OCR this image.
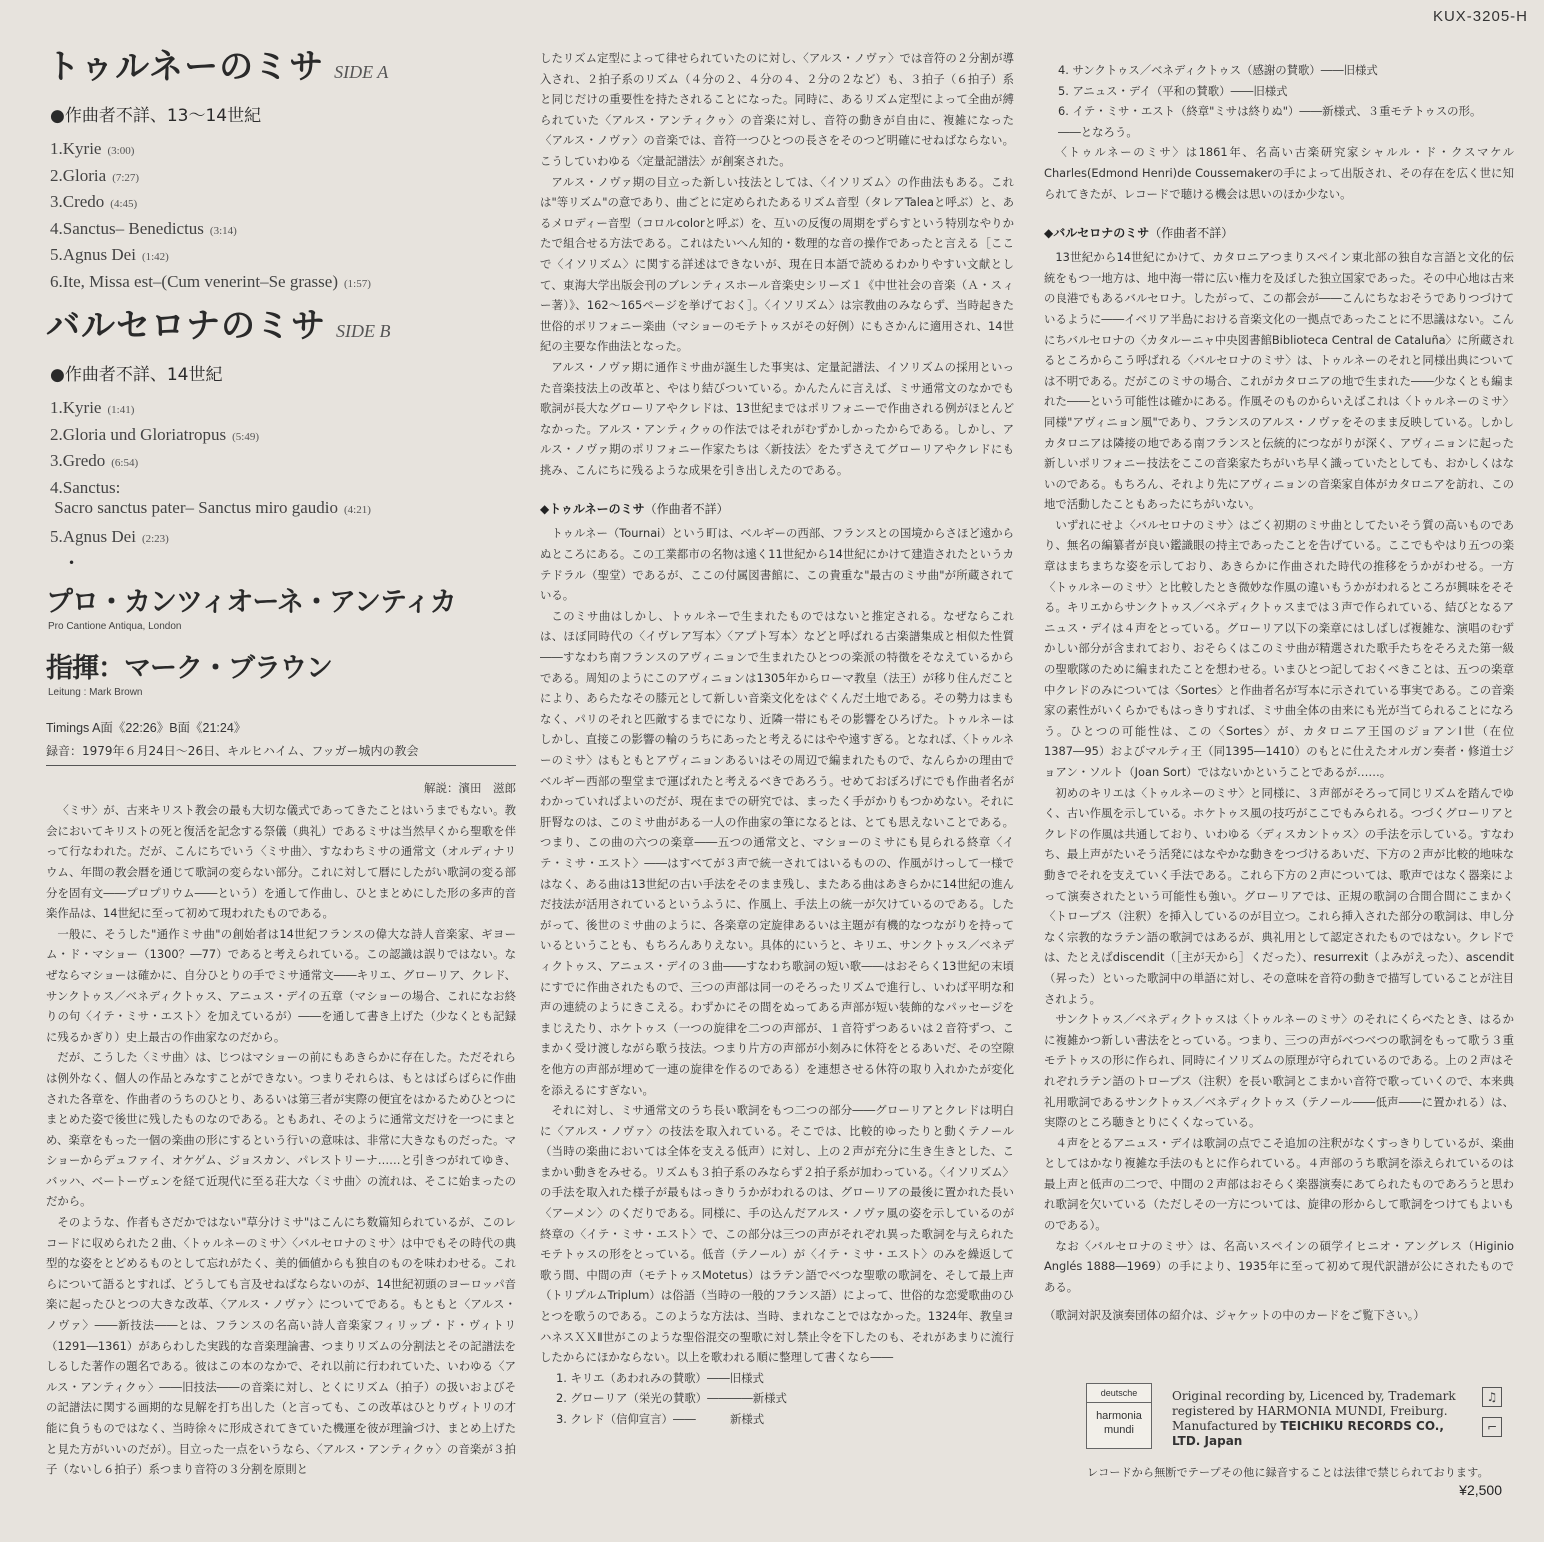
KUX-3205-H
トゥルネーのミサ SIDE A
●作曲者不詳、13〜14世紀
1.Kyrie (3:00)
2.Gloria (7:27)
3.Credo (4:45)
4.Sanctus– Benedictus (3:14)
5.Agnus Dei (1:42)
6.Ite, Missa est–(Cum venerint–Se grasse) (1:57)
バルセロナのミサ SIDE B
●作曲者不詳、14世紀
1.Kyrie (1:41)
2.Gloria und Gloriatropus (5:49)
3.Gredo (6:54)
4.Sanctus:
Sacro sanctus pater– Sanctus miro gaudio (4:21)
5.Agnus Dei (2:23)
•
プロ・カンツィオーネ・アンティカ
Pro Cantione Antiqua, London
指揮：マーク・ブラウン
Leitung : Mark Brown
Timings A面《22:26》B面《21:24》
録音：1979年６月24日〜26日、キルヒハイム、フッガー城内の教会
解説：濱田　滋郎

〈ミサ〉が、古来キリスト教会の最も大切な儀式であってきたことはいうまでもない。教会においてキリストの死と復活を記念する祭儀（典礼）であるミサは当然早くから聖歌を伴って行なわれた。だが、こんにちでいう〈ミサ曲〉、すなわちミサの通常文（オルディナリウム、年間の教会暦を通じて歌詞の変らない部分。これに対して暦にしたがい歌詞の変る部分を固有文――プロプリウム――という）を通して作曲し、ひとまとめにした形の多声的音楽作品は、14世紀に至って初めて現われたものである。

一般に、そうした"通作ミサ曲"の創始者は14世紀フランスの偉大な詩人音楽家、ギヨーム・ド・マショー（1300？―77）であると考えられている。この認識は誤りではない。なぜならマショーは確かに、自分ひとりの手でミサ通常文――キリエ、グローリア、クレド、サンクトゥス／ベネディクトゥス、アニュス・デイの五章（マショーの場合、これになお終りの句〈イテ・ミサ・エスト〉を加えているが）――を通して書き上げた（少なくとも記録に残るかぎり）史上最古の作曲家なのだから。

だが、こうした〈ミサ曲〉は、じつはマショーの前にもあきらかに存在した。ただそれらは例外なく、個人の作品とみなすことができない。つまりそれらは、もとはばらばらに作曲された各章を、作曲者のうちのひとり、あるいは第三者が実際の便宜をはかるためひとつにまとめた姿で後世に残したものなのである。ともあれ、そのように通常文だけを一つにまとめ、楽章をもった一個の楽曲の形にするという行いの意味は、非常に大きなものだった。マショーからデュファイ、オケゲム、ジョスカン、パレストリーナ……と引きつがれてゆき、バッハ、ベートーヴェンを経て近現代に至る荘大な〈ミサ曲〉の流れは、そこに始まったのだから。

そのような、作者もさだかではない"草分けミサ"はこんにち数篇知られているが、このレコードに収められた２曲、〈トゥルネーのミサ〉〈バルセロナのミサ〉は中でもその時代の典型的な姿をとどめるものとして忘れがたく、美的価値からも独自のものを味わわせる。これらについて語るとすれば、どうしても言及せねばならないのが、14世紀初頭のヨーロッパ音楽に起ったひとつの大きな改革、〈アルス・ノヴァ〉についてである。もともと〈アルス・ノヴァ〉――新技法――とは、フランスの名高い詩人音楽家フィリップ・ド・ヴィトリ（1291―1361）があらわした実践的な音楽理論書、つまりリズムの分割法とその記譜法をしるした著作の題名である。彼はこの本のなかで、それ以前に行われていた、いわゆる〈アルス・アンティクゥ〉――旧技法――の音楽に対し、とくにリズム（拍子）の扱いおよびその記譜法に関する画期的な見解を打ち出した（と言っても、この改革はひとりヴィトリの才能に負うものではなく、当時徐々に形成されてきていた機運を彼が理論づけ、まとめ上げたと見た方がいいのだが）。目立った一点をいうなら、〈アルス・アンティクゥ〉の音楽が３拍子（ないし６拍子）系つまり音符の３分割を原則と

したリズム定型によって律せられていたのに対し、〈アルス・ノヴァ〉では音符の２分割が導入され、２拍子系のリズム（４分の２、４分の４、２分の２など）も、３拍子（６拍子）系と同じだけの重要性を持たされることになった。同時に、あるリズム定型によって全曲が縛られていた〈アルス・アンティクゥ〉の音楽に対し、音符の動きが自由に、複雑になった〈アルス・ノヴァ〉の音楽では、音符一つひとつの長さをそのつど明確にせねばならない。こうしていわゆる〈定量記譜法〉が創案された。

アルス・ノヴァ期の目立った新しい技法としては、〈イソリズム〉の作曲法もある。これは"等リズム"の意であり、曲ごとに定められたあるリズム音型（タレアTaleaと呼ぶ）と、あるメロディー音型（コロルcolorと呼ぶ）を、互いの反復の周期をずらすという特別なやりかたで組合せる方法である。これはたいへん知的・数理的な音の操作であったと言える［ここで〈イソリズム〉に関する詳述はできないが、現在日本語で読めるわかりやすい文献として、東海大学出版会刊のブレンティスホール音楽史シリーズ１《中世社会の音楽（Ａ・スィー著）》、162〜165ページを挙げておく］。〈イソリズム〉は宗教曲のみならず、当時起きた世俗的ポリフォニー楽曲（マショーのモテトゥスがその好例）にもさかんに適用され、14世紀の主要な作曲法となった。

アルス・ノヴァ期に通作ミサ曲が誕生した事実は、定量記譜法、イソリズムの採用といった音楽技法上の改革と、やはり結びついている。かんたんに言えば、ミサ通常文のなかでも歌詞が長大なグローリアやクレドは、13世紀まではポリフォニーで作曲される例がほとんどなかった。アルス・アンティクゥの作法ではそれがむずかしかったからである。しかし、アルス・ノヴァ期のポリフォニー作家たちは〈新技法〉をたずさえてグローリアやクレドにも挑み、こんにちに残るような成果を引き出しえたのである。

◆トゥルネーのミサ（作曲者不詳）

トゥルネー（Tournai）という町は、ベルギーの西部、フランスとの国境からさほど遠からぬところにある。この工業都市の名物は遠く11世紀から14世紀にかけて建造されたというカテドラル（聖堂）であるが、ここの付属図書館に、この貴重な"最古のミサ曲"が所蔵されている。

このミサ曲はしかし、トゥルネーで生まれたものではないと推定される。なぜならこれは、ほぼ同時代の〈イヴレア写本〉〈アプト写本〉などと呼ばれる古楽譜集成と相似た性質――すなわち南フランスのアヴィニョンで生まれたひとつの楽派の特徴をそなえているからである。周知のようにこのアヴィニョンは1305年からローマ教皇（法王）が移り住んだことにより、あらたなその膝元として新しい音楽文化をはぐくんだ土地である。その勢力はまもなく、パリのそれと匹敵するまでになり、近隣一帯にもその影響をひろげた。トゥルネーはしかし、直接この影響の輪のうちにあったと考えるにはやや遠すぎる。となれば、〈トゥルネーのミサ〉はもともとアヴィニョンあるいはその周辺で編まれたもので、なんらかの理由でベルギー西部の聖堂まで運ばれたと考えるべきであろう。せめておぼろげにでも作曲者名がわかっていればよいのだが、現在までの研究では、まったく手がかりもつかめない。それに肝腎なのは、このミサ曲がある一人の作曲家の筆になるとは、とても思えないことである。つまり、この曲の六つの楽章――五つの通常文と、マショーのミサにも見られる終章〈イテ・ミサ・エスト〉――はすべてが３声で統一されてはいるものの、作風がけっして一様ではなく、ある曲は13世紀の古い手法をそのまま残し、またある曲はあきらかに14世紀の進んだ技法が活用されているというふうに、作風上、手法上の統一が欠けているのである。したがって、後世のミサ曲のように、各楽章の定旋律あるいは主題が有機的なつながりを持っているということも、もちろんありえない。具体的にいうと、キリエ、サンクトゥス／ベネディクトゥス、アニュス・デイの３曲――すなわち歌詞の短い歌――はおそらく13世紀の末頃にすでに作曲されたもので、三つの声部は同一のそろったリズムで進行し、いわば平明な和声の連続のようにきこえる。わずかにその間をぬってある声部が短い装飾的なパッセージをまじえたり、ホケトゥス（一つの旋律を二つの声部が、１音符ずつあるいは２音符ずつ、こまかく受け渡しながら歌う技法。つまり片方の声部が小刻みに休符をとるあいだ、その空隙を他方の声部が埋めて一連の旋律を作るのである）を連想させる休符の取り入れかたが変化を添えるにすぎない。

それに対し、ミサ通常文のうち長い歌詞をもつ二つの部分――グローリアとクレドは明白に〈アルス・ノヴァ〉の技法を取入れている。そこでは、比較的ゆったりと動くテノール（当時の楽曲においては全体を支える低声）に対し、上の２声が充分に生き生きとした、こまかい動きをみせる。リズムも３拍子系のみならず２拍子系が加わっている。〈イソリズム〉の手法を取入れた様子が最もはっきりうかがわれるのは、グローリアの最後に置かれた長い〈アーメン〉のくだりである。同様に、手の込んだアルス・ノヴァ風の姿を示しているのが終章の〈イテ・ミサ・エスト〉で、この部分は三つの声がそれぞれ異った歌詞を与えられたモテトゥスの形をとっている。低音（テノール）が〈イテ・ミサ・エスト〉のみを繰返して歌う間、中間の声（モテトゥスMotetus）はラテン語でべつな聖歌の歌詞を、そして最上声（トリプルムTriplum）は俗語（当時の一般的フランス語）によって、世俗的な恋愛歌曲のひとつを歌うのである。このような方法は、当時、まれなことではなかった。1324年、教皇ヨハネスＸＸⅡ世がこのような聖俗混交の聖歌に対し禁止令を下したのも、それがあまりに流行したからにほかならない。以上を歌われる順に整理して書くなら――

1. キリエ（あわれみの賛歌）――旧様式
2. グローリア（栄光の賛歌）――――新様式
3. クレド（信仰宣言）――　　　新様式
4. サンクトゥス／ベネディクトゥス（感謝の賛歌）――旧様式
5. アニュス・デイ（平和の賛歌）――旧様式
6. イテ・ミサ・エスト（終章"ミサは終りぬ"）――新様式、３重モテトゥスの形。　　　――となろう。

〈トゥルネーのミサ〉は1861年、名高い古楽研究家シャルル・ド・クスマケルCharles(Edmond Henri)de Coussemakerの手によって出版され、その存在を広く世に知られてきたが、レコードで聴ける機会は思いのほか少ない。

◆バルセロナのミサ（作曲者不詳）

13世紀から14世紀にかけて、カタロニアつまりスペイン東北部の独自な言語と文化的伝統をもつ一地方は、地中海一帯に広い権力を及ぼした独立国家であった。その中心地は古来の良港でもあるバルセロナ。したがって、この都会が――こんにちなおそうでありつづけているように――イベリア半島における音楽文化の一拠点であったことに不思議はない。こんにちバルセロナの〈カタルーニャ中央図書館Biblioteca Central de Cataluña〉に所蔵されるところからこう呼ばれる〈バルセロナのミサ〉は、トゥルネーのそれと同様出典については不明である。だがこのミサの場合、これがカタロニアの地で生まれた――少なくとも編まれた――という可能性は確かにある。作風そのものからいえばこれは〈トゥルネーのミサ〉同様"アヴィニョン風"であり、フランスのアルス・ノヴァをそのまま反映している。しかしカタロニアは隣接の地である南フランスと伝統的につながりが深く、アヴィニョンに起った新しいポリフォニー技法をここの音楽家たちがいち早く識っていたとしても、おかしくはないのである。もちろん、それより先にアヴィニョンの音楽家自体がカタロニアを訪れ、この地で活動したこともあったにちがいない。

いずれにせよ〈バルセロナのミサ〉はごく初期のミサ曲としてたいそう質の高いものであり、無名の編纂者が良い鑑識眼の持主であったことを告げている。ここでもやはり五つの楽章はまちまちな姿を示しており、あきらかに作曲された時代の推移をうかがわせる。一方〈トゥルネーのミサ〉と比較したとき微妙な作風の違いもうかがわれるところが興味をそそる。キリエからサンクトゥス／ベネディクトゥスまでは３声で作られている、結びとなるアニュス・デイは４声をとっている。グローリア以下の楽章にはしばしば複雑な、演唱のむずかしい部分が含まれており、おそらくはこのミサ曲が精選された歌手たちをそろえた第一級の聖歌隊のために編まれたことを想わせる。いまひとつ記しておくべきことは、五つの楽章中クレドのみについては〈Sortes〉と作曲者名が写本に示されている事実である。この音楽家の素性がいくらかでもはっきりすれば、ミサ曲全体の由来にも光が当てられることになろう。ひとつの可能性は、この〈Sortes〉が、カタロニア王国のジョアンⅠ世（在位1387―95）およびマルティ王（同1395―1410）のもとに仕えたオルガン奏者・修道士ジョアン・ソルト（Joan Sort）ではないかということであるが……。

初めのキリエは〈トゥルネーのミサ〉と同様に、３声部がそろって同じリズムを踏んでゆく、古い作風を示している。ホケトゥス風の技巧がここでもみられる。つづくグローリアとクレドの作風は共通しており、いわゆる〈ディスカントゥス〉の手法を示している。すなわち、最上声がたいそう活発にはなやかな動きをつづけるあいだ、下方の２声が比較的地味な動きでそれを支えていく手法である。これら下方の２声については、歌声ではなく器楽によって演奏されたという可能性も強い。グローリアでは、正規の歌詞の合間合間にこまかく〈トロープス（注釈）を挿入しているのが目立つ。これら挿入された部分の歌詞は、申し分なく宗教的なラテン語の歌詞ではあるが、典礼用として認定されたものではない。クレドでは、たとえばdiscendit（［主が天から］くだった）、resurrexit（よみがえった）、ascendit（昇った）といった歌詞中の単語に対し、その意味を音符の動きで描写していることが注目されよう。

サンクトゥス／ベネディクトゥスは〈トゥルネーのミサ〉のそれにくらべたとき、はるかに複雑かつ新しい書法をとっている。つまり、三つの声がべつべつの歌詞をもって歌う３重モテトゥスの形に作られ、同時にイソリズムの原理が守られているのである。上の２声はそれぞれラテン語のトロープス（注釈）を長い歌詞とこまかい音符で歌っていくので、本来典礼用歌詞であるサンクトゥス／ベネディクトゥス（テノール――低声――に置かれる）は、実際のところ聴きとりにくくなっている。

４声をとるアニュス・デイは歌詞の点でこそ追加の注釈がなくすっきりしているが、楽曲としてはかなり複雑な手法のもとに作られている。４声部のうち歌詞を添えられているのは最上声と低声の二つで、中間の２声部はおそらく楽器演奏にあてられたものであろうと思われ歌詞を欠いている（ただしその一方については、旋律の形からして歌詞をつけてもよいものである）。

なお〈バルセロナのミサ〉は、名高いスペインの碩学イヒニオ・アングレス（Higinio Anglés 1888―1969）の手により、1935年に至って初めて現代訳譜が公にされたものである。

（歌詞対訳及演奏団体の紹介は、ジャケットの中のカードをご覧下さい。）
deutsche
harmonia
mundi
Original recording by, Licenced by, Trademark
registered by HARMONIA MUNDI, Freiburg.
Manufactured by TEICHIKU RECORDS CO.,
LTD. Japan
♫
⌐
レコードから無断でテープその他に録音することは法律で禁じられております。
¥2,500
